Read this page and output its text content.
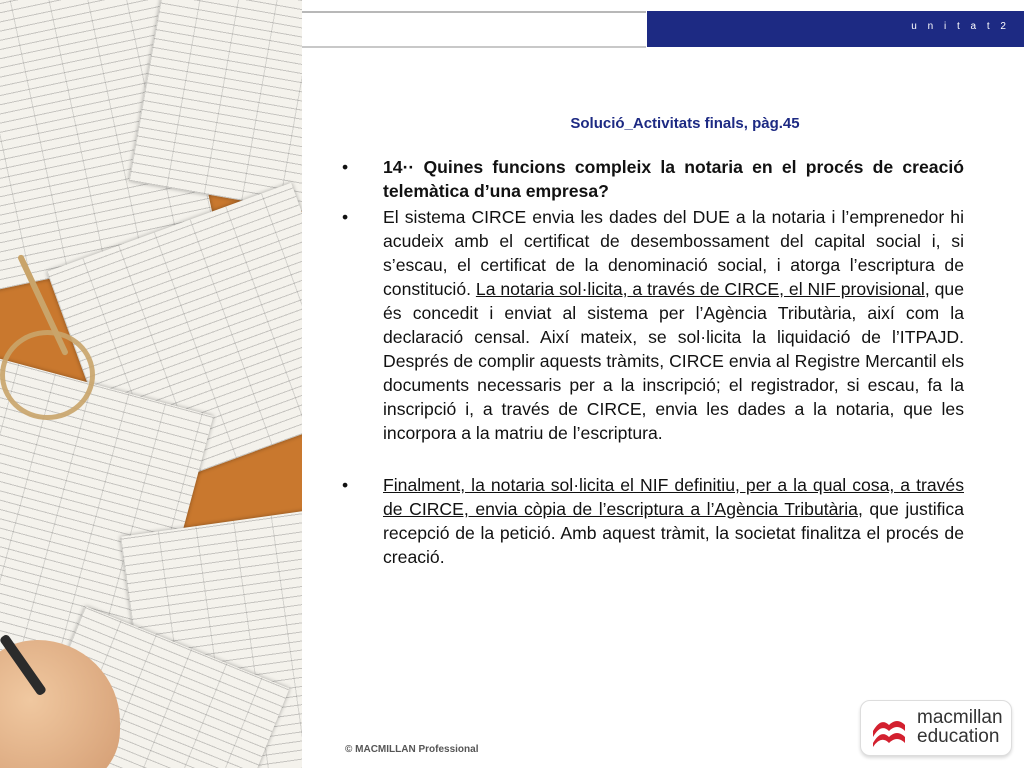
u n i t a t 2
Solució_Activitats finals, pàg.45
• 14·· Quines funcions compleix la notaria en el procés de creació telemàtica d’una empresa?
• El sistema CIRCE envia les dades del DUE a la notaria i l’emprenedor hi acudeix amb el certificat de desembossament del capital social i, si s’escau, el certificat de la denominació social, i atorga l’escriptura de constitució. La notaria sol·licita, a través de CIRCE, el NIF provisional, que és concedit i enviat al sistema per l’Agència Tributària, així com la declaració censal. Així mateix, se sol·licita la liquidació de l’ITPAJD. Després de complir aquests tràmits, CIRCE envia al Registre Mercantil els documents necessaris per a la inscripció; el registrador, si escau, fa la inscripció i, a través de CIRCE, envia les dades a la notaria, que les incorpora a la matriu de l’escriptura.
• Finalment, la notaria sol·licita el NIF definitiu, per a la qual cosa, a través de CIRCE, envia còpia de l’escriptura a l’Agència Tributària, que justifica recepció de la petició. Amb aquest tràmit, la societat finalitza el procés de creació.
© MACMILLAN Professional
macmillan
education
